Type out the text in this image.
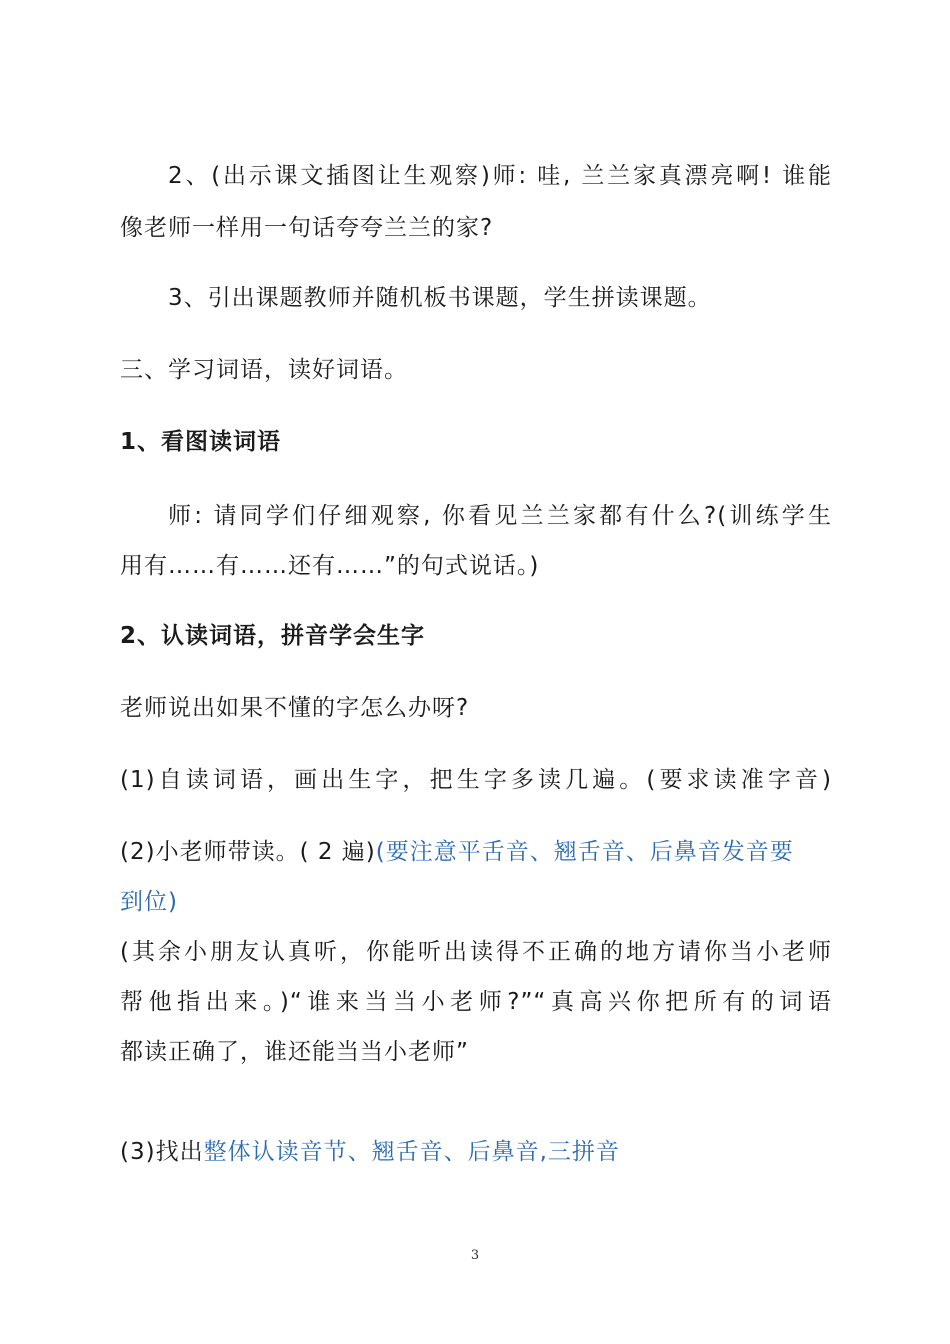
2、(出示课文插图让生观察)师: 哇, 兰兰家真漂亮啊! 谁能
像老师一样用一句话夸夸兰兰的家?
3、引出课题教师并随机板书课题，学生拼读课题。
三、学习词语，读好词语。
1、看图读词语
师: 请同学们仔细观察, 你看见兰兰家都有什么?(训练学生
用有……有……还有……”的句式说话。)
2、认读词语，拼音学会生字
老师说出如果不懂的字怎么办呀?
(1)自读词语，画出生字，把生字多读几遍。(要求读准字音)
(2)小老师带读。( 2 遍)(要注意平舌音、翘舌音、后鼻音发音要
到位)
(其余小朋友认真听，你能听出读得不正确的地方请你当小老师
帮他指出来。)“谁来当当小老师?”“真高兴你把所有的词语
都读正确了，谁还能当当小老师”
(3)找出整体认读音节、翘舌音、后鼻音,三拼音
3
